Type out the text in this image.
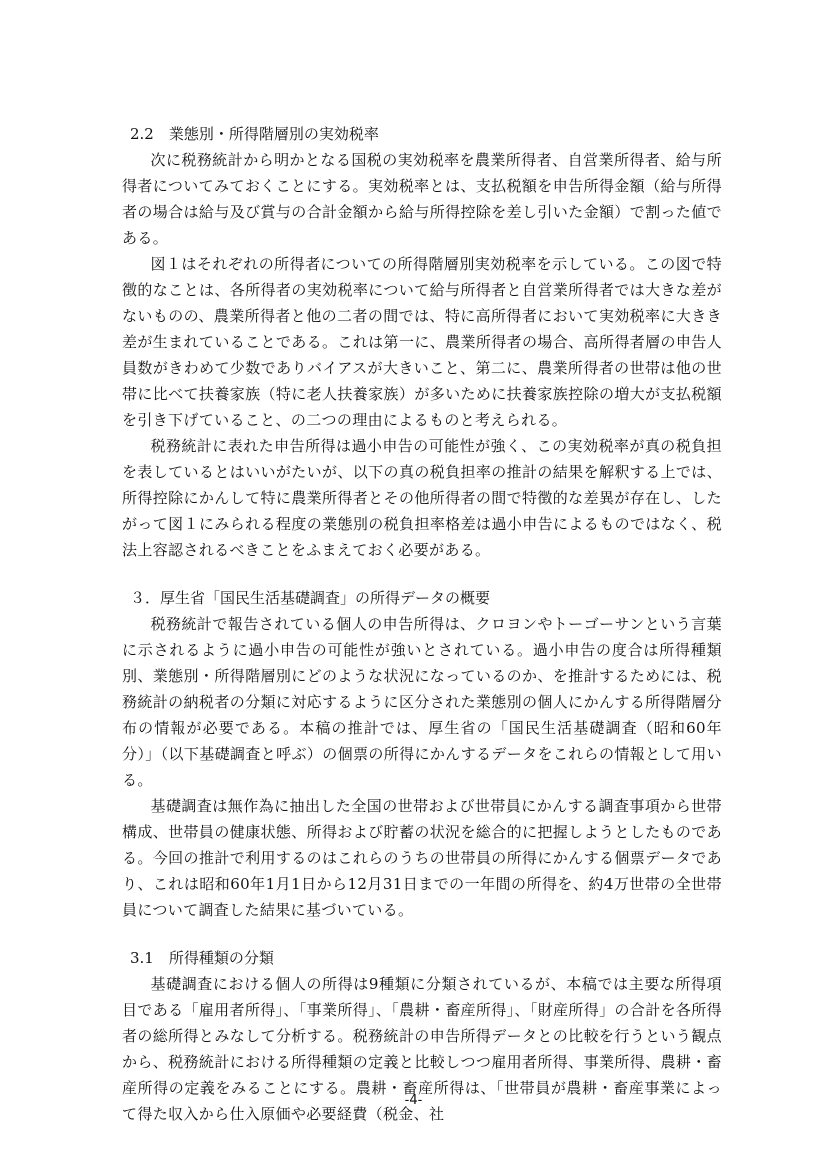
2.2　業態別・所得階層別の実効税率

次に税務統計から明かとなる国税の実効税率を農業所得者、自営業所得者、給与所得者についてみておくことにする。実効税率とは、支払税額を申告所得金額（給与所得者の場合は給与及び賞与の合計金額から給与所得控除を差し引いた金額）で割った値である。

図１はそれぞれの所得者についての所得階層別実効税率を示している。この図で特徴的なことは、各所得者の実効税率について給与所得者と自営業所得者では大きな差がないものの、農業所得者と他の二者の間では、特に高所得者において実効税率に大きき差が生まれていることである。これは第一に、農業所得者の場合、高所得者層の申告人員数がきわめて少数でありバイアスが大きいこと、第二に、農業所得者の世帯は他の世帯に比べて扶養家族（特に老人扶養家族）が多いために扶養家族控除の増大が支払税額を引き下げていること、の二つの理由によるものと考えられる。

税務統計に表れた申告所得は過小申告の可能性が強く、この実効税率が真の税負担を表しているとはいいがたいが、以下の真の税負担率の推計の結果を解釈する上では、所得控除にかんして特に農業所得者とその他所得者の間で特徴的な差異が存在し、したがって図１にみられる程度の業態別の税負担率格差は過小申告によるものではなく、税法上容認されるべきことをふまえておく必要がある。

３．厚生省「国民生活基礎調査」の所得データの概要

税務統計で報告されている個人の申告所得は、クロヨンやトーゴーサンという言葉に示されるように過小申告の可能性が強いとされている。過小申告の度合は所得種類別、業態別・所得階層別にどのような状況になっているのか、を推計するためには、税務統計の納税者の分類に対応するように区分された業態別の個人にかんする所得階層分布の情報が必要である。本稿の推計では、厚生省の「国民生活基礎調査（昭和60年分）」（以下基礎調査と呼ぶ）の個票の所得にかんするデータをこれらの情報として用いる。

基礎調査は無作為に抽出した全国の世帯および世帯員にかんする調査事項から世帯構成、世帯員の健康状態、所得および貯蓄の状況を総合的に把握しようとしたものである。今回の推計で利用するのはこれらのうちの世帯員の所得にかんする個票データであり、これは昭和60年1月1日から12月31日までの一年間の所得を、約4万世帯の全世帯員について調査した結果に基づいている。

3.1　所得種類の分類

基礎調査における個人の所得は9種類に分類されているが、本稿では主要な所得項目である「雇用者所得」、「事業所得」、「農耕・畜産所得」、「財産所得」の合計を各所得者の総所得とみなして分析する。税務統計の申告所得データとの比較を行うという観点から、税務統計における所得種類の定義と比較しつつ雇用者所得、事業所得、農耕・畜産所得の定義をみることにする。農耕・畜産所得は、「世帯員が農耕・畜産事業によって得た収入から仕入原価や必要経費（税金、社

-4-
